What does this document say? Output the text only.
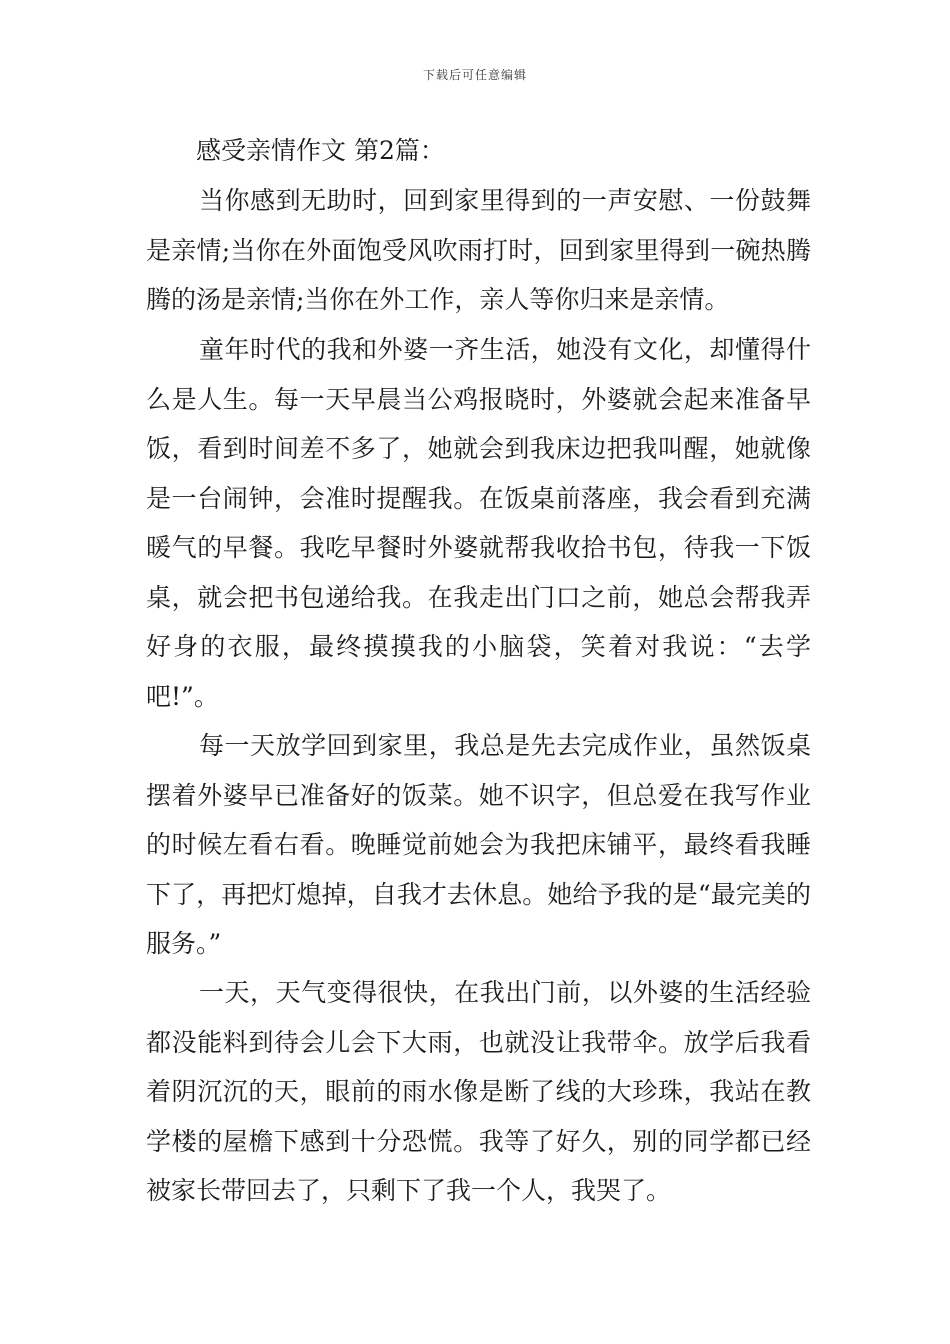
下载后可任意编辑
感受亲情作文 第2篇：

当你感到无助时，回到家里得到的一声安慰、一份鼓舞是亲情;当你在外面饱受风吹雨打时，回到家里得到一碗热腾腾的汤是亲情;当你在外工作，亲人等你归来是亲情。

童年时代的我和外婆一齐生活，她没有文化，却懂得什么是人生。每一天早晨当公鸡报晓时，外婆就会起来准备早饭，看到时间差不多了，她就会到我床边把我叫醒，她就像是一台闹钟，会准时提醒我。在饭桌前落座，我会看到充满暖气的早餐。我吃早餐时外婆就帮我收拾书包，待我一下饭桌，就会把书包递给我。在我走出门口之前，她总会帮我弄好身的衣服，最终摸摸我的小脑袋，笑着对我说：“去学吧!”。

每一天放学回到家里，我总是先去完成作业，虽然饭桌摆着外婆早已准备好的饭菜。她不识字，但总爱在我写作业的时候左看右看。晚睡觉前她会为我把床铺平，最终看我睡下了，再把灯熄掉，自我才去休息。她给予我的是“最完美的服务。”

一天，天气变得很快，在我出门前，以外婆的生活经验都没能料到待会儿会下大雨，也就没让我带伞。放学后我看着阴沉沉的天，眼前的雨水像是断了线的大珍珠，我站在教学楼的屋檐下感到十分恐慌。我等了好久，别的同学都已经被家长带回去了，只剩下了我一个人，我哭了。
